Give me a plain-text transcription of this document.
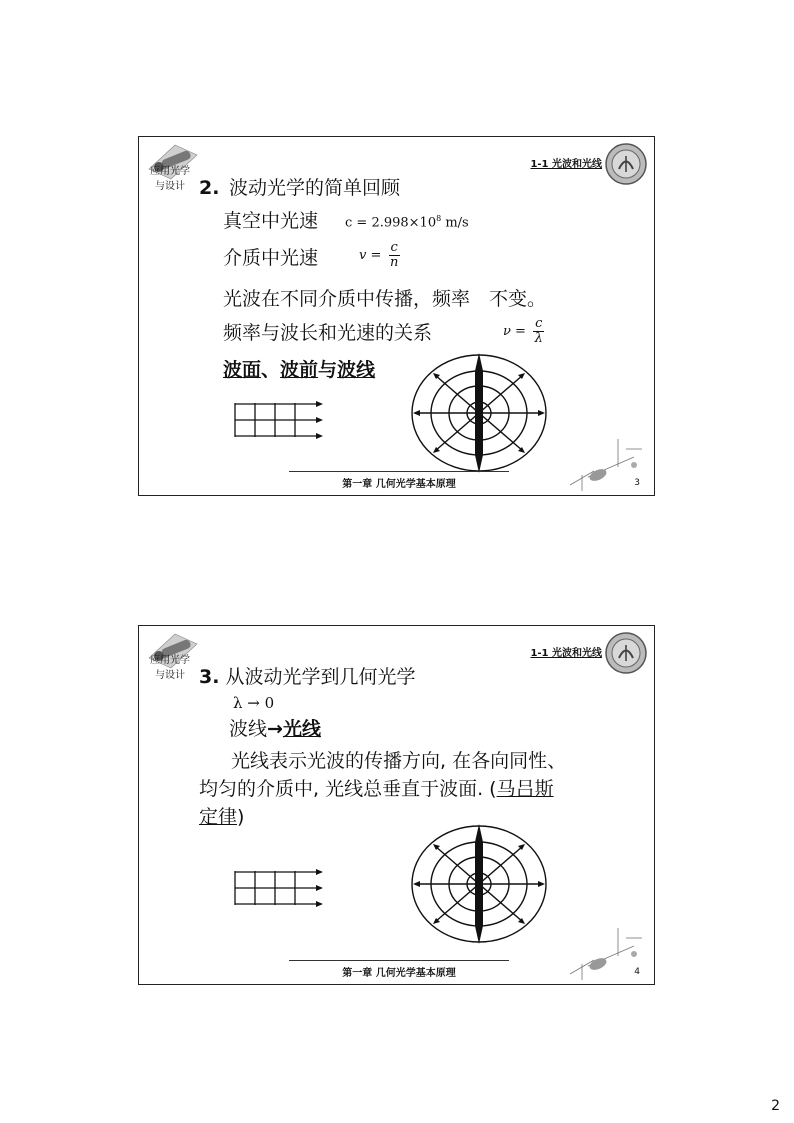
应用光学
与设计
1-1 光波和光线
2. 波动光学的简单回顾
真空中光速 $c = 2.998\times 10^8$ m/s
介质中光速	$v = \frac{c}{n}$
光波在不同介质中传播，频率　不变。
频率与波长和光速的关系	$\nu = \frac{c}{\lambda}$
波面、波前与波线
第一章 几何光学基本原理	3
应用光学
与设计
1-1 光波和光线
3. 从波动光学到几何光学
λ → 0
波线→光线
光线表示光波的传播方向, 在各向同性、
均匀的介质中, 光线总垂直于波面. (马吕斯
定律)
第一章 几何光学基本原理	4
2
